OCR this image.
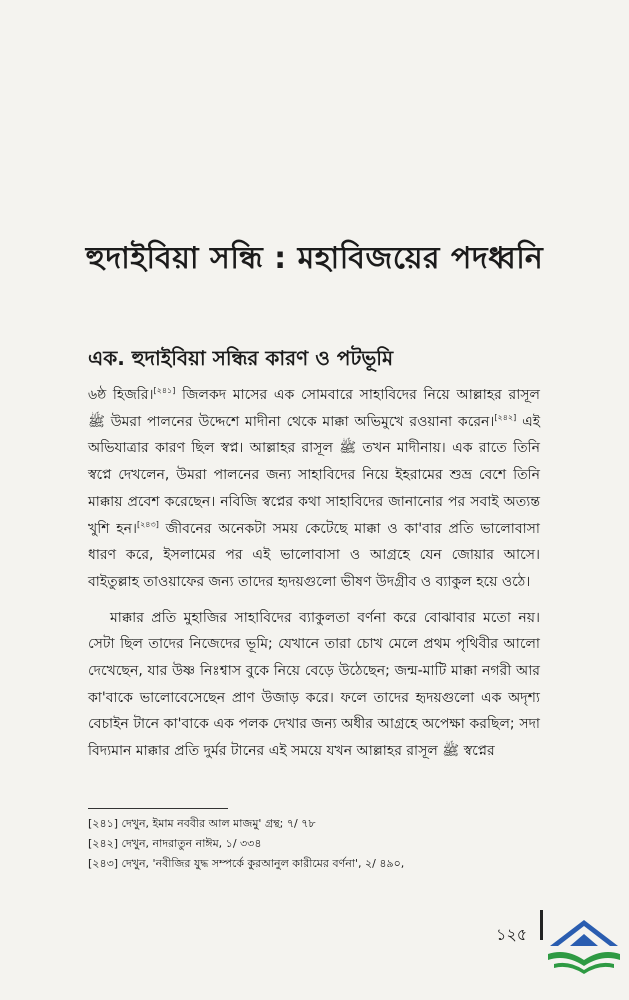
হুদাইবিয়া সন্ধি : মহাবিজয়ের পদধ্বনি
এক. হুদাইবিয়া সন্ধির কারণ ও পটভূমি

৬ষ্ঠ হিজরি।[২৪১] জিলকদ মাসের এক সোমবারে সাহাবিদের নিয়ে আল্লাহর রাসূল ﷺ উমরা পালনের উদ্দেশে মাদীনা থেকে মাক্কা অভিমুখে রওয়ানা করেন।[২৪২] এই অভিযাত্রার কারণ ছিল স্বপ্ন। আল্লাহর রাসূল ﷺ তখন মাদীনায়। এক রাতে তিনি স্বপ্নে দেখলেন, উমরা পালনের জন্য সাহাবিদের নিয়ে ইহরামের শুভ্র বেশে তিনি মাক্কায় প্রবেশ করেছেন। নবিজি স্বপ্নের কথা সাহাবিদের জানানোর পর সবাই অত্যন্ত খুশি হন।[২৪৩] জীবনের অনেকটা সময় কেটেছে মাক্কা ও কা'বার প্রতি ভালোবাসা ধারণ করে, ইসলামের পর এই ভালোবাসা ও আগ্রহে যেন জোয়ার আসে। বাইতুল্লাহ তাওয়াফের জন্য তাদের হৃদয়গুলো ভীষণ উদগ্রীব ও ব্যাকুল হয়ে ওঠে।

মাক্কার প্রতি মুহাজির সাহাবিদের ব্যাকুলতা বর্ণনা করে বোঝাবার মতো নয়। সেটা ছিল তাদের নিজেদের ভূমি; যেখানে তারা চোখ মেলে প্রথম পৃথিবীর আলো দেখেছেন, যার উষ্ণ নিঃশ্বাস বুকে নিয়ে বেড়ে উঠেছেন; জন্ম-মাটি মাক্কা নগরী আর কা'বাকে ভালোবেসেছেন প্রাণ উজাড় করে। ফলে তাদের হৃদয়গুলো এক অদৃশ্য বেচাইন টানে কা'বাকে এক পলক দেখার জন্য অধীর আগ্রহে অপেক্ষা করছিল; সদা বিদ্যমান মাক্কার প্রতি দুর্মর টানের এই সময়ে যখন আল্লাহর রাসূল ﷺ স্বপ্নের

[২৪১] দেখুন, ইমাম নববীর আল মাজমু' গ্রন্থ; ৭/ ৭৮
[২৪২] দেখুন, নাদরাতুন নাঈম, ১/ ৩৩৪
[২৪৩] দেখুন, 'নবীজির যুদ্ধ সম্পর্কে কুরআনুল কারীমের বর্ণনা', ২/ ৪৯০,
১২৫
